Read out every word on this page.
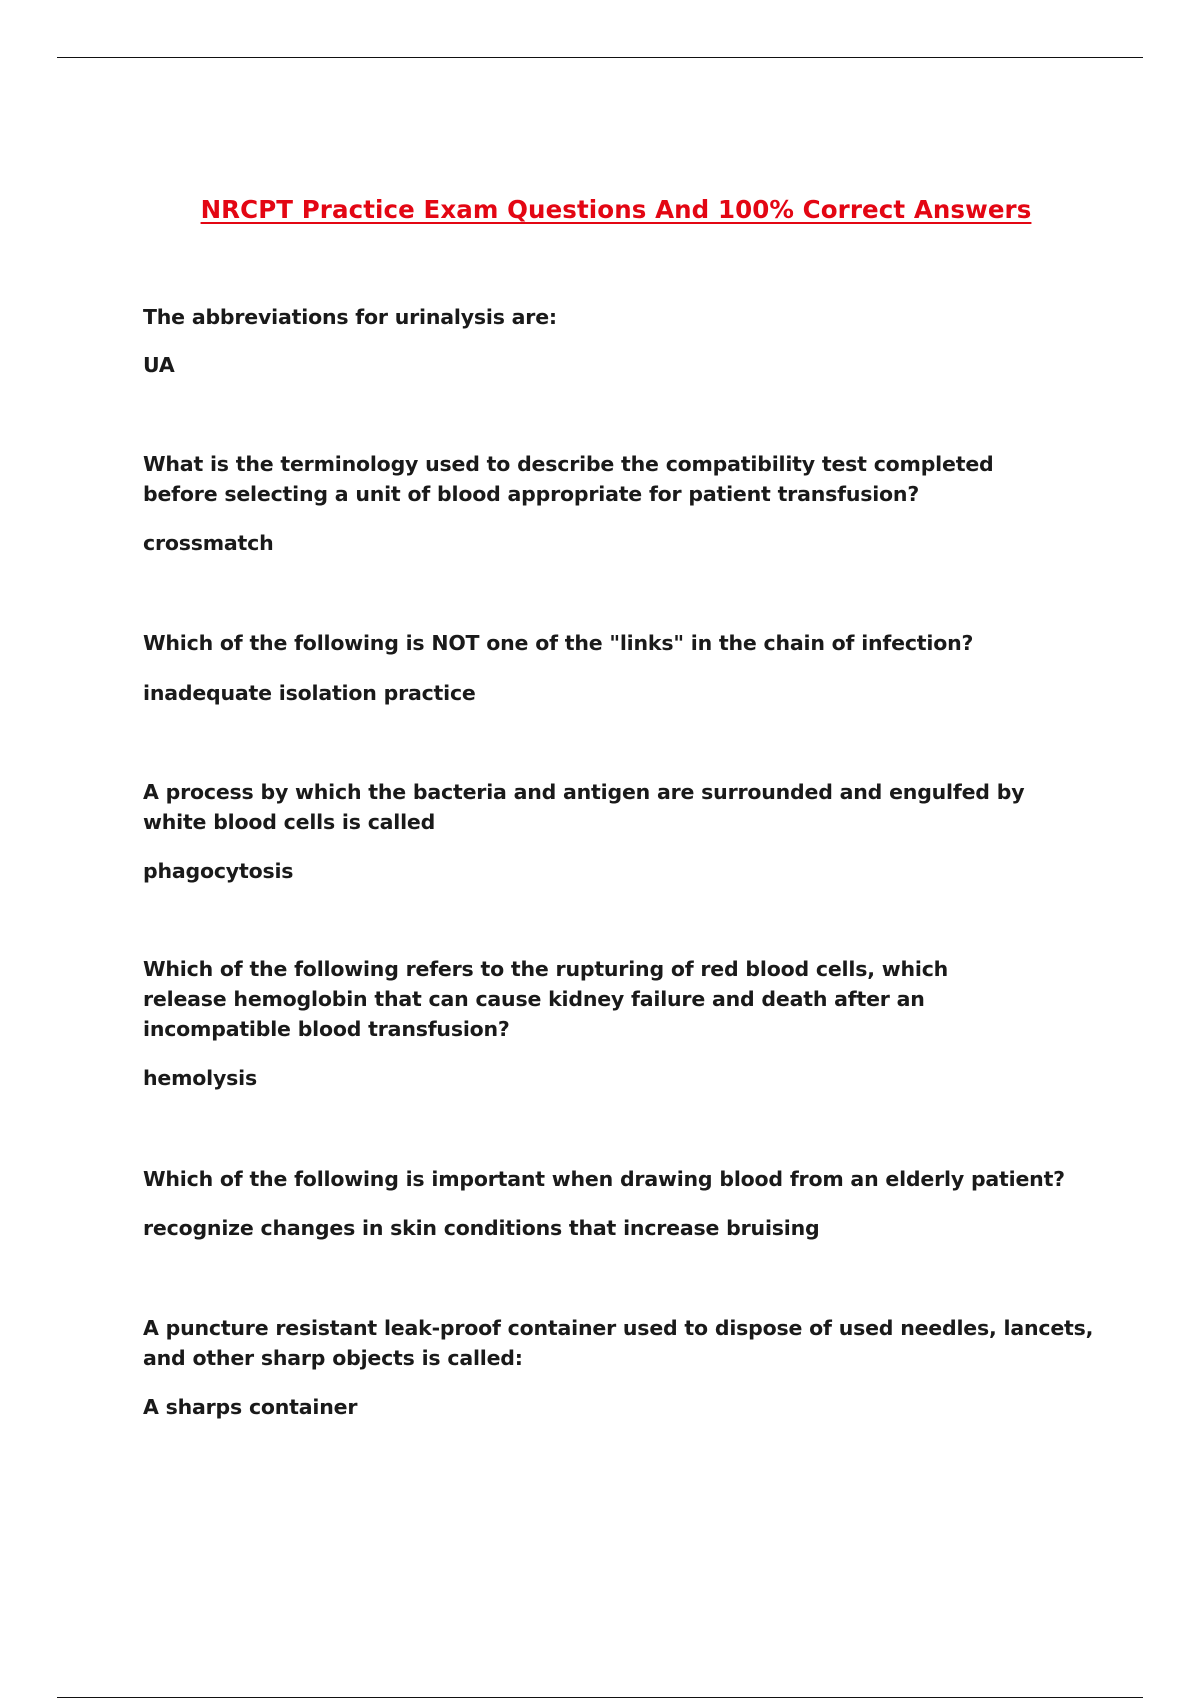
NRCPT Practice Exam Questions And 100% Correct Answers

The abbreviations for urinalysis are:

UA

What is the terminology used to describe the compatibility test completed before selecting a unit of blood appropriate for patient transfusion?

crossmatch

Which of the following is NOT one of the "links" in the chain of infection?

inadequate isolation practice

A process by which the bacteria and antigen are surrounded and engulfed by white blood cells is called

phagocytosis

Which of the following refers to the rupturing of red blood cells, which release hemoglobin that can cause kidney failure and death after an incompatible blood transfusion?

hemolysis

Which of the following is important when drawing blood from an elderly patient?

recognize changes in skin conditions that increase bruising

A puncture resistant leak-proof container used to dispose of used needles, lancets, and other sharp objects is called:

A sharps container
